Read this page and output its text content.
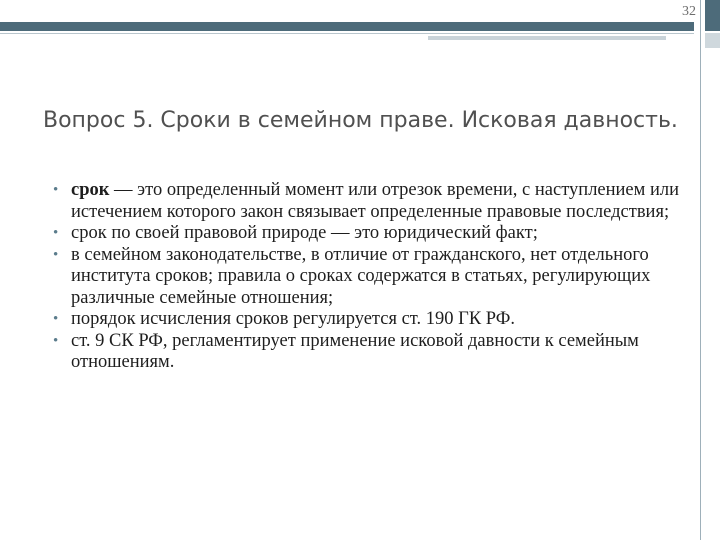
32
Вопрос 5. Сроки в семейном праве. Исковая давность.
• срок — это определенный момент или отрезок времени, с наступлением или истечением которого закон связывает определенные правовые последствия;
• срок по своей правовой природе — это юридический факт;
• в семейном законодательстве, в отличие от гражданского, нет отдельного института сроков; правила о сроках содержатся в статьях, регулирующих различные семейные отношения;
• порядок исчисления сроков регулируется ст. 190 ГК РФ.
• ст. 9 СК РФ, регламентирует применение исковой давности к семейным отношениям.
